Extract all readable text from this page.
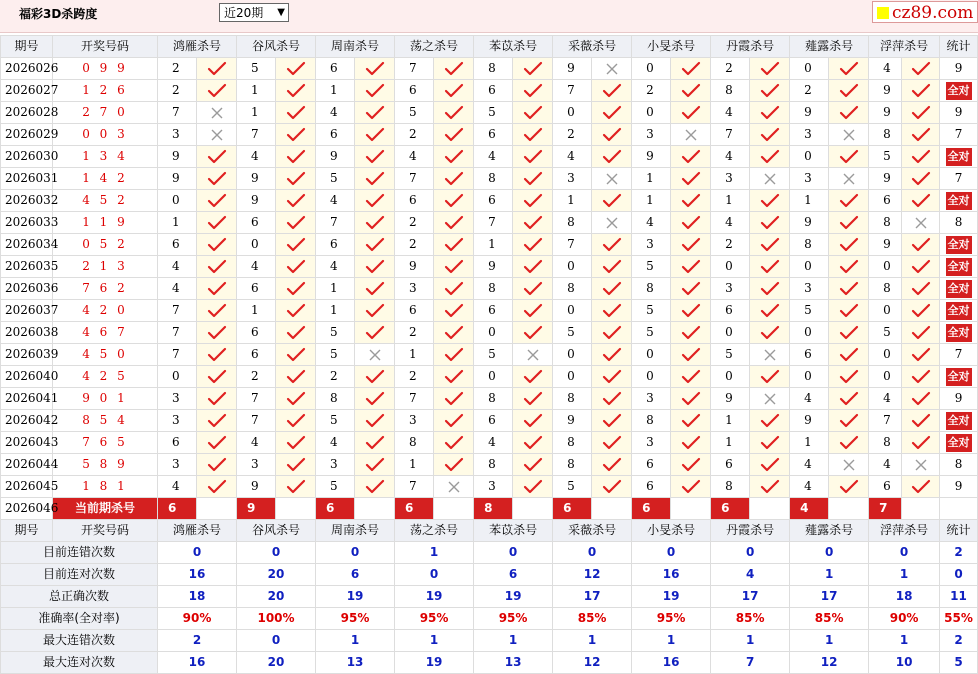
福彩3D杀跨度	近20期 ▼	cz89.com
期号	开奖号码	鸿雁杀号		谷风杀号		周南杀号		荡之杀号		苯苡杀号		采薇杀号		小旻杀号		丹霞杀号		薤露杀号		浮萍杀号		统计
2026026	0 9 9	2		5		6		7		8		9		0		2		0		4		9
2026027	1 2 6	2		1		1		6		6		7		2		8		2		9		全对
2026028	2 7 0	7		1		4		5		5		0		0		4		9		9		9
2026029	0 0 3	3		7		6		2		6		2		3		7		3		8		7
2026030	1 3 4	9		4		9		4		4		4		9		4		0		5		全对
2026031	1 4 2	9		9		5		7		8		3		1		3		3		9		7
2026032	4 5 2	0		9		4		6		6		1		1		1		1		6		全对
2026033	1 1 9	1		6		7		2		7		8		4		4		9		8		8
2026034	0 5 2	6		0		6		2		1		7		3		2		8		9		全对
2026035	2 1 3	4		4		4		9		9		0		5		0		0		0		全对
2026036	7 6 2	4		6		1		3		8		8		8		3		3		8		全对
2026037	4 2 0	7		1		1		6		6		0		5		6		5		0		全对
2026038	4 6 7	7		6		5		2		0		5		5		0		0		5		全对
2026039	4 5 0	7		6		5		1		5		0		0		5		6		0		7
2026040	4 2 5	0		2		2		2		0		0		0		0		0		0		全对
2026041	9 0 1	3		7		8		7		8		8		3		9		4		4		9
2026042	8 5 4	3		7		5		3		6		9		8		1		9		7		全对
2026043	7 6 5	6		4		4		8		4		8		3		1		1		8		全对
2026044	5 8 9	3		3		3		1		8		8		6		6		4		4		8
2026045	1 8 1	4		9		5		7		3		5		6		8		4		6		9
2026046	当前期杀号	6		9		6		6		8		6		6		6		4		7		
期号	开奖号码	鸿雁杀号		谷风杀号		周南杀号		荡之杀号		苯苡杀号		采薇杀号		小旻杀号		丹霞杀号		薤露杀号		浮萍杀号		统计
目前连错次数		0		0		0		1		0		0		0		0		0		0		2
目前连对次数		16		20		6		0		6		12		16		4		1		1		0
总正确次数		18		20		19		19		19		17		19		17		17		18		11
准确率(全对率)		90%		100%		95%		95%		95%		85%		95%		85%		85%		90%		55%
最大连错次数		2		0		1		1		1		1		1		1		1		1		2
最大连对次数		16		20		13		19		13		12		16		7		12		10		5
